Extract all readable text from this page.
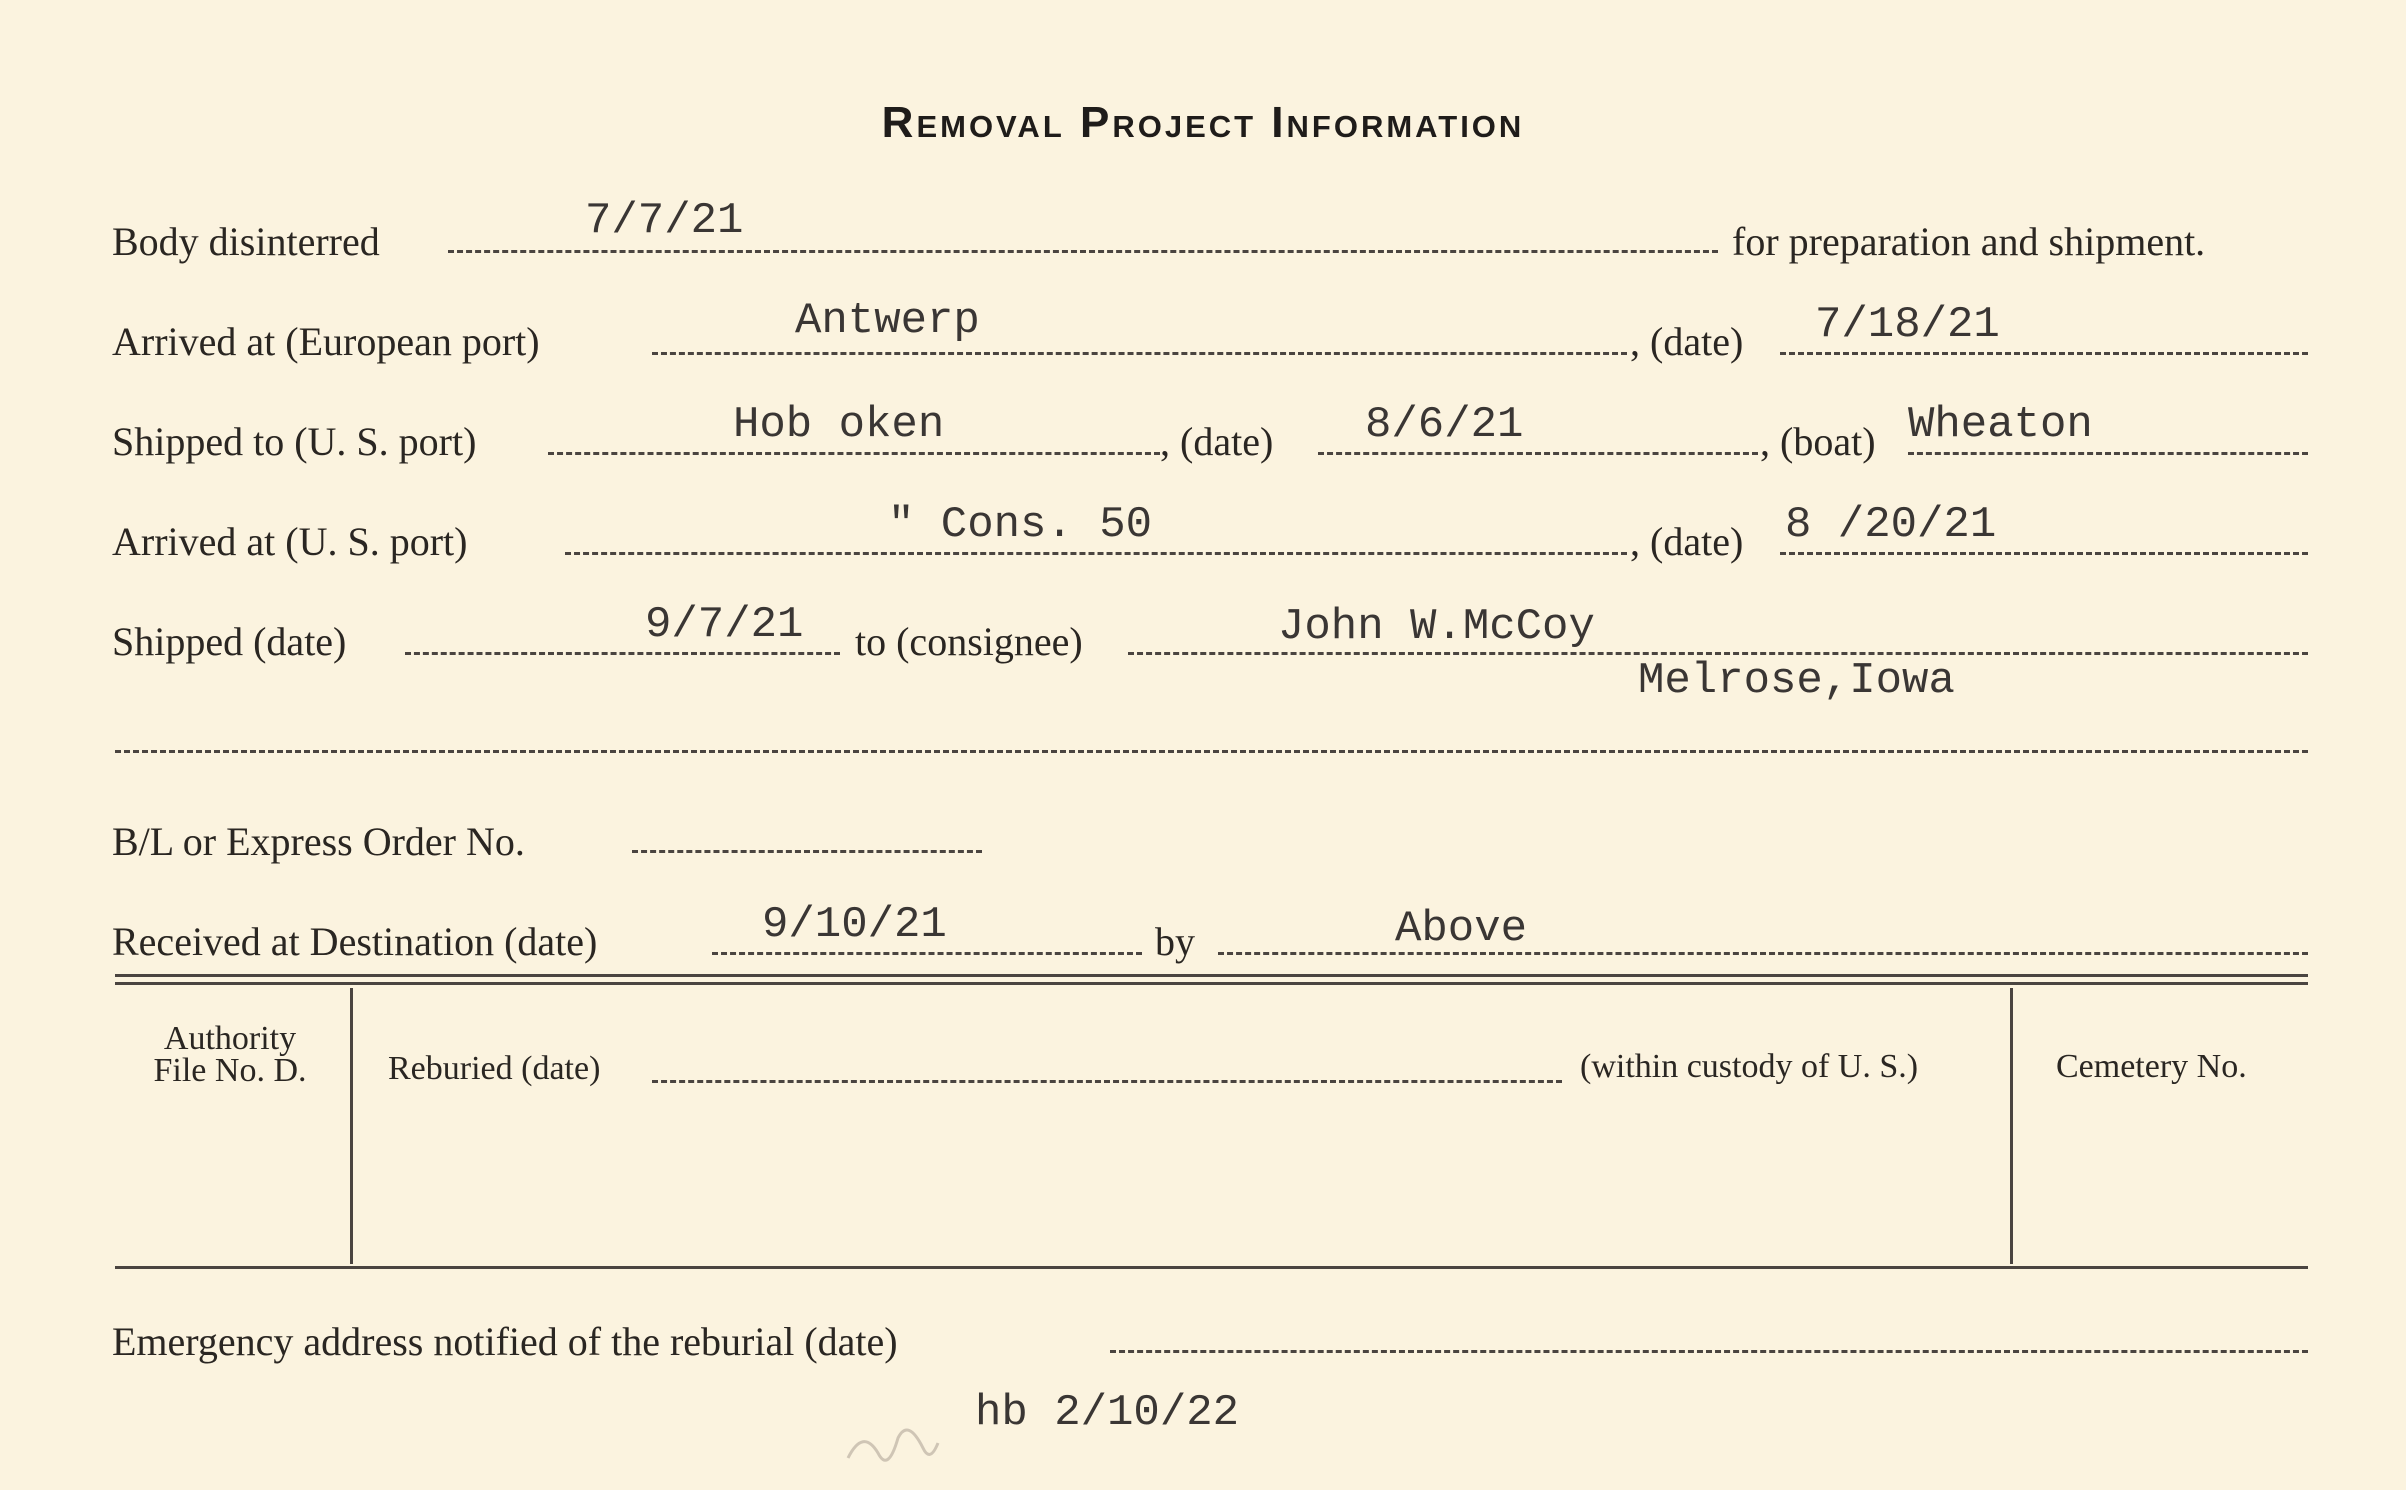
Removal Project Information
Body disinterred	7/7/21	for preparation and shipment.
Arrived at (European port)	Antwerp	, (date) 7/18/21
Shipped to (U. S. port)	Hob oken	, (date) 8/6/21	, (boat) Wheaton
Arrived at (U. S. port)	" Cons. 50	, (date) 8 /20/21
Shipped (date)	9/7/21 to (consignee)	John W.McCoy
Melrose,Iowa
B/L or Express Order No.
Received at Destination (date)	9/10/21	by	Above
Authority
File No. D.	Reburied (date)	(within custody of U. S.)	Cemetery No.
Emergency address notified of the reburial (date)
hb 2/10/22
